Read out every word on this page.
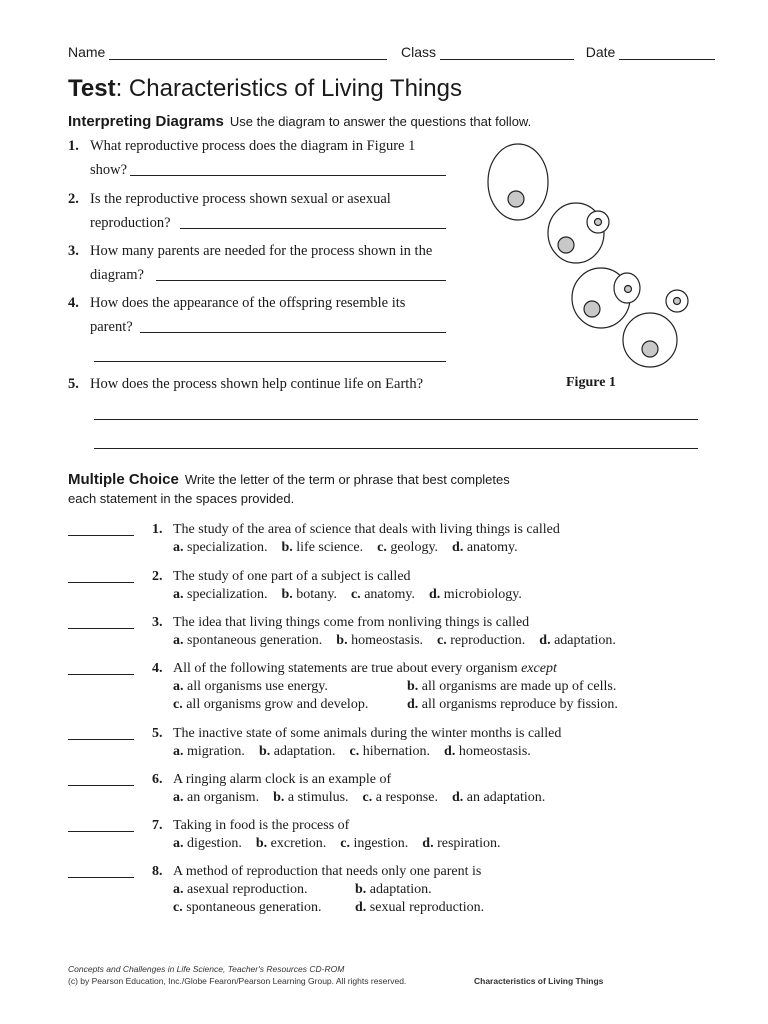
Name	Class	Date
Test: Characteristics of Living Things
Interpreting Diagrams Use the diagram to answer the questions that follow.
1. What reproductive process does the diagram in Figure 1
show?
2. Is the reproductive process shown sexual or asexual
reproduction?
3. How many parents are needed for the process shown in the
diagram?
4. How does the appearance of the offspring resemble its
parent?
5. How does the process shown help continue life on Earth?	Figure 1
Multiple Choice Write the letter of the term or phrase that best completes
each statement in the spaces provided.
1. The study of the area of science that deals with living things is called
a. specialization. b. life science. c. geology. d. anatomy.
2. The study of one part of a subject is called
a. specialization. b. botany. c. anatomy. d. microbiology.
3. The idea that living things come from nonliving things is called
a. spontaneous generation. b. homeostasis. c. reproduction. d. adaptation.
4. All of the following statements are true about every organism except
a. all organisms use energy.	b. all organisms are made up of cells.
c. all organisms grow and develop.	d. all organisms reproduce by fission.
5. The inactive state of some animals during the winter months is called
a. migration. b. adaptation. c. hibernation. d. homeostasis.
6. A ringing alarm clock is an example of
a. an organism. b. a stimulus. c. a response. d. an adaptation.
7. Taking in food is the process of
a. digestion. b. excretion. c. ingestion. d. respiration.
8. A method of reproduction that needs only one parent is
a. asexual reproduction.	b. adaptation.
c. spontaneous generation. d. sexual reproduction.
Concepts and Challenges in Life Science, Teacher's Resources CD-ROM
(c) by Pearson Education, Inc./Globe Fearon/Pearson Learning Group. All rights reserved.	Characteristics of Living Things
